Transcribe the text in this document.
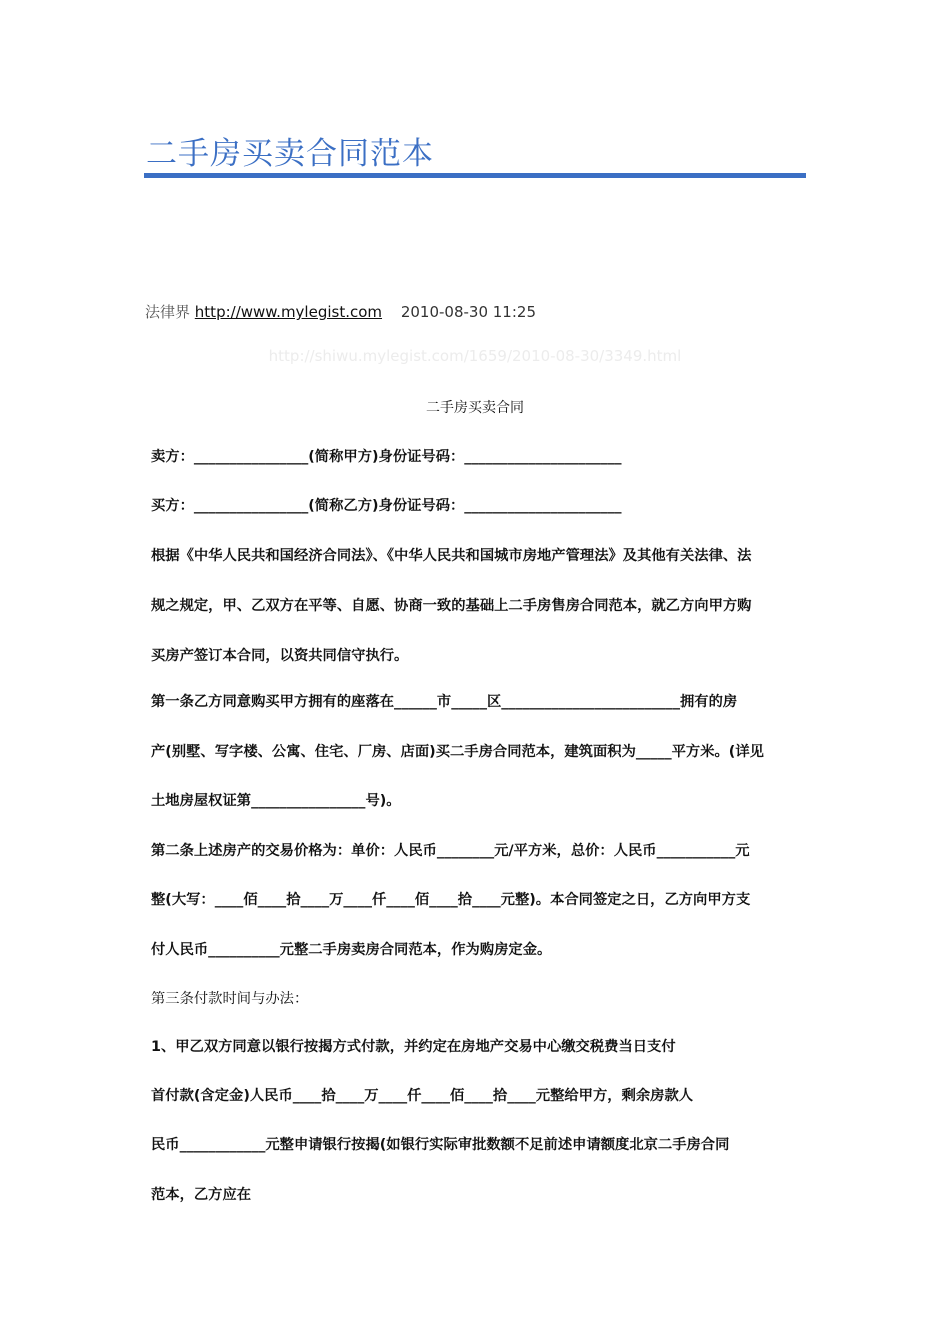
二手房买卖合同范本
法律界 http://www.mylegist.com 2010-08-30 11:25
http://shiwu.mylegist.com/1659/2010-08-30/3349.html
二手房买卖合同
卖方：________________(简称甲方)身份证号码：______________________
买方：________________(简称乙方)身份证号码：______________________
根据《中华人民共和国经济合同法》、《中华人民共和国城市房地产管理法》及其他有关法律、法
规之规定，甲、乙双方在平等、自愿、协商一致的基础上二手房售房合同范本，就乙方向甲方购
买房产签订本合同，以资共同信守执行。
第一条乙方同意购买甲方拥有的座落在______市_____区_________________________拥有的房
产(别墅、写字楼、公寓、住宅、厂房、店面)买二手房合同范本，建筑面积为_____平方米。(详见
土地房屋权证第________________号)。
第二条上述房产的交易价格为：单价：人民币________元/平方米，总价：人民币___________元
整(大写：____佰____拾____万____仟____佰____拾____元整)。本合同签定之日，乙方向甲方支
付人民币__________元整二手房卖房合同范本，作为购房定金。
第三条付款时间与办法：
1、甲乙双方同意以银行按揭方式付款，并约定在房地产交易中心缴交税费当日支付
首付款(含定金)人民币____拾____万____仟____佰____拾____元整给甲方，剩余房款人
民币____________元整申请银行按揭(如银行实际审批数额不足前述申请额度北京二手房合同
范本，乙方应在
